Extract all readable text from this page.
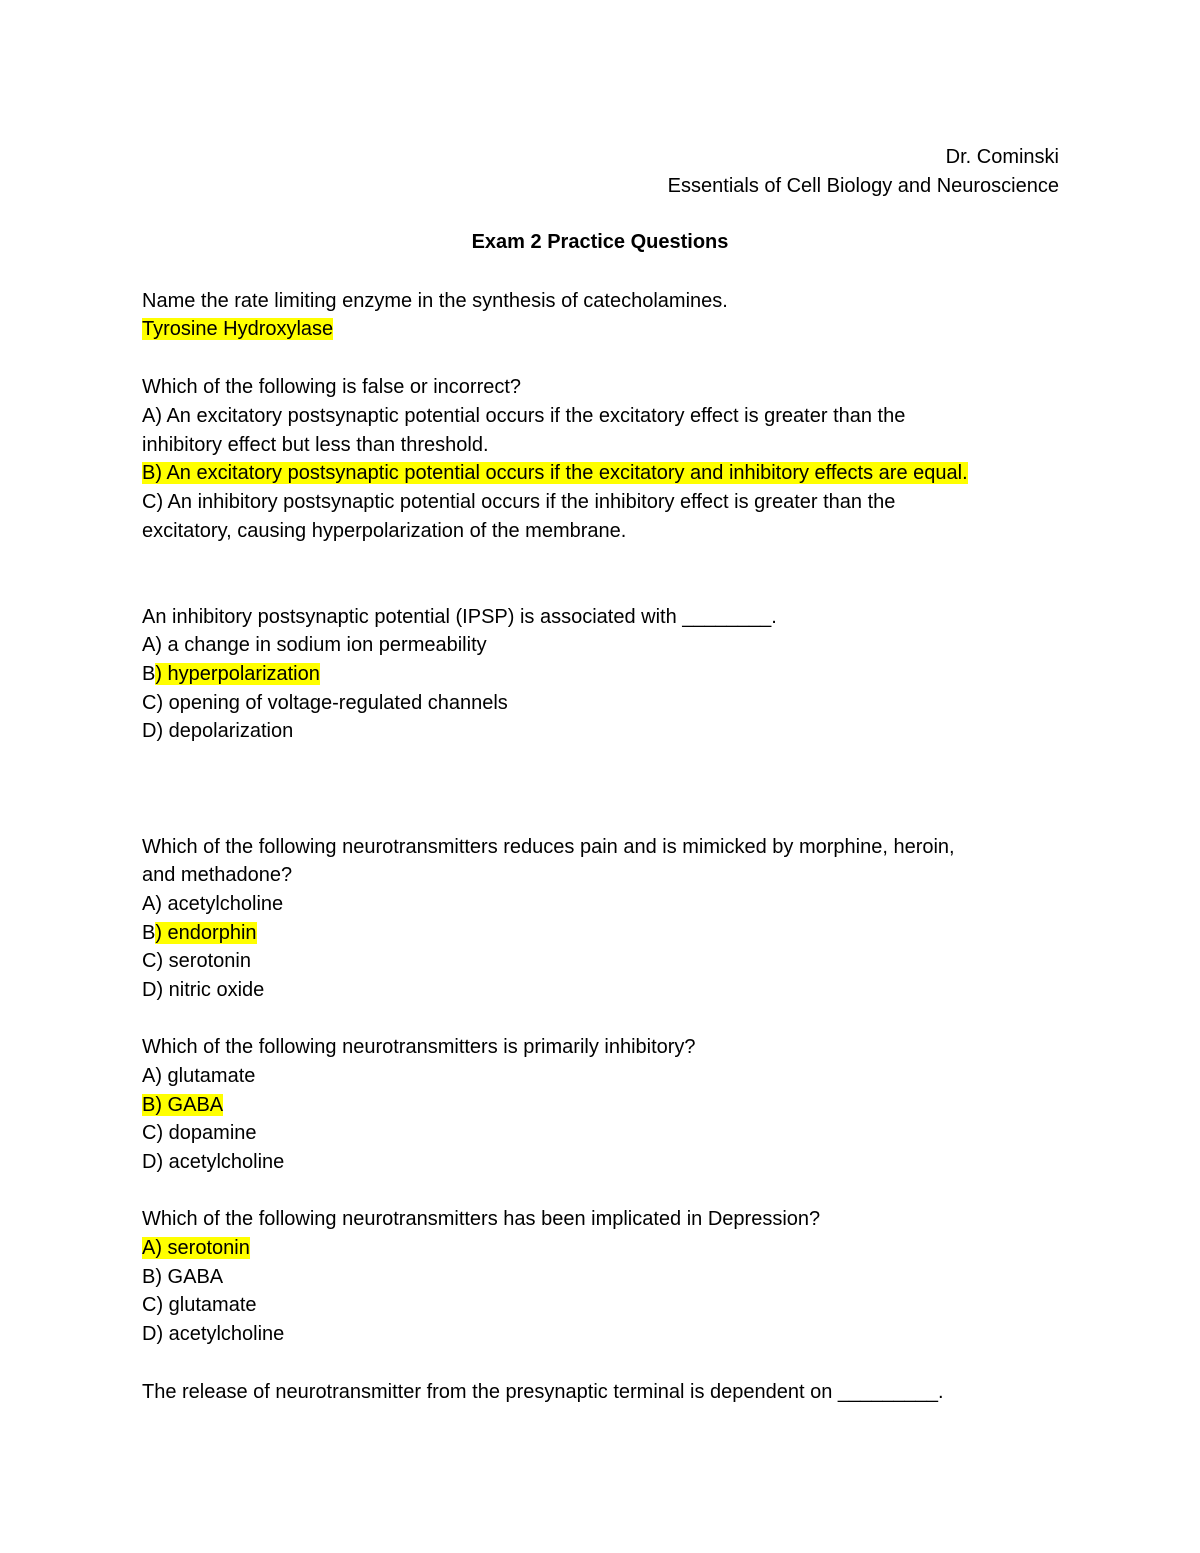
Dr. Cominski
Essentials of Cell Biology and Neuroscience
Exam 2 Practice Questions
Name the rate limiting enzyme in the synthesis of catecholamines.
Tyrosine Hydroxylase
Which of the following is false or incorrect?
A) An excitatory postsynaptic potential occurs if the excitatory effect is greater than the
inhibitory effect but less than threshold.
B) An excitatory postsynaptic potential occurs if the excitatory and inhibitory effects are equal.
C) An inhibitory postsynaptic potential occurs if the inhibitory effect is greater than the
excitatory, causing hyperpolarization of the membrane.
An inhibitory postsynaptic potential (IPSP) is associated with ________.
A) a change in sodium ion permeability
B) hyperpolarization
C) opening of voltage-regulated channels
D) depolarization
Which of the following neurotransmitters reduces pain and is mimicked by morphine, heroin,
and methadone?
A) acetylcholine
B) endorphin
C) serotonin
D) nitric oxide
Which of the following neurotransmitters is primarily inhibitory?
A) glutamate
B) GABA
C) dopamine
D) acetylcholine
Which of the following neurotransmitters has been implicated in Depression?
A) serotonin
B) GABA
C) glutamate
D) acetylcholine
The release of neurotransmitter from the presynaptic terminal is dependent on _________.
